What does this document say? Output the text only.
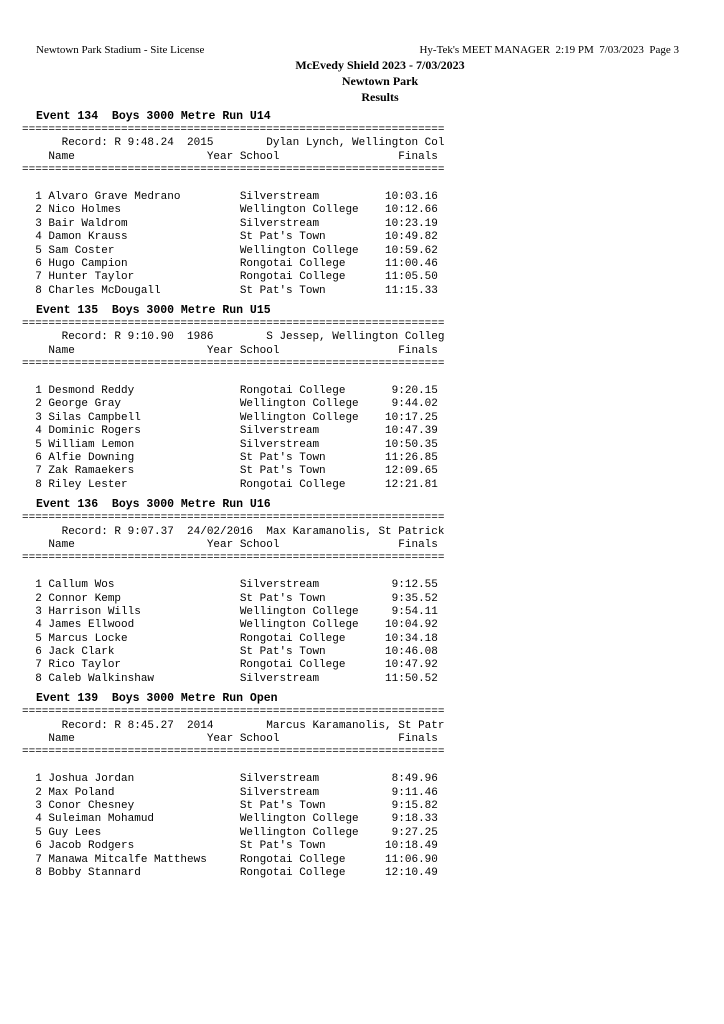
Newtown Park Stadium - Site License	Hy-Tek's MEET MANAGER  2:19 PM  7/03/2023  Page 3
McEvedy Shield 2023 - 7/03/2023
Newtown Park
Results
Event 134  Boys 3000 Metre Run U14
================================================================
Record: R 9:48.24  2015        Dylan Lynch, Wellington Col
Name                    Year School                  Finals
================================================================

1 Alvaro Grave Medrano         Silverstream          10:03.16
2 Nico Holmes                  Wellington College    10:12.66
3 Bair Waldrom                 Silverstream          10:23.19
4 Damon Krauss                 St Pat's Town         10:49.82
5 Sam Coster                   Wellington College    10:59.62
6 Hugo Campion                 Rongotai College      11:00.46
7 Hunter Taylor                Rongotai College      11:05.50
8 Charles McDougall            St Pat's Town         11:15.33
Event 135  Boys 3000 Metre Run U15
================================================================
Record: R 9:10.90  1986        S Jessep, Wellington Colleg
Name                    Year School                  Finals
================================================================

1 Desmond Reddy                Rongotai College       9:20.15
2 George Gray                  Wellington College     9:44.02
3 Silas Campbell               Wellington College    10:17.25
4 Dominic Rogers               Silverstream          10:47.39
5 William Lemon                Silverstream          10:50.35
6 Alfie Downing                St Pat's Town         11:26.85
7 Zak Ramaekers                St Pat's Town         12:09.65
8 Riley Lester                 Rongotai College      12:21.81
Event 136  Boys 3000 Metre Run U16
================================================================
Record: R 9:07.37  24/02/2016  Max Karamanolis, St Patrick
Name                    Year School                  Finals
================================================================

1 Callum Wos                   Silverstream           9:12.55
2 Connor Kemp                  St Pat's Town          9:35.52
3 Harrison Wills               Wellington College     9:54.11
4 James Ellwood                Wellington College    10:04.92
5 Marcus Locke                 Rongotai College      10:34.18
6 Jack Clark                   St Pat's Town         10:46.08
7 Rico Taylor                  Rongotai College      10:47.92
8 Caleb Walkinshaw             Silverstream          11:50.52
Event 139  Boys 3000 Metre Run Open
================================================================
Record: R 8:45.27  2014        Marcus Karamanolis, St Patr
Name                    Year School                  Finals
================================================================

1 Joshua Jordan                Silverstream           8:49.96
2 Max Poland                   Silverstream           9:11.46
3 Conor Chesney                St Pat's Town          9:15.82
4 Suleiman Mohamud             Wellington College     9:18.33
5 Guy Lees                     Wellington College     9:27.25
6 Jacob Rodgers                St Pat's Town         10:18.49
7 Manawa Mitcalfe Matthews     Rongotai College      11:06.90
8 Bobby Stannard               Rongotai College      12:10.49
